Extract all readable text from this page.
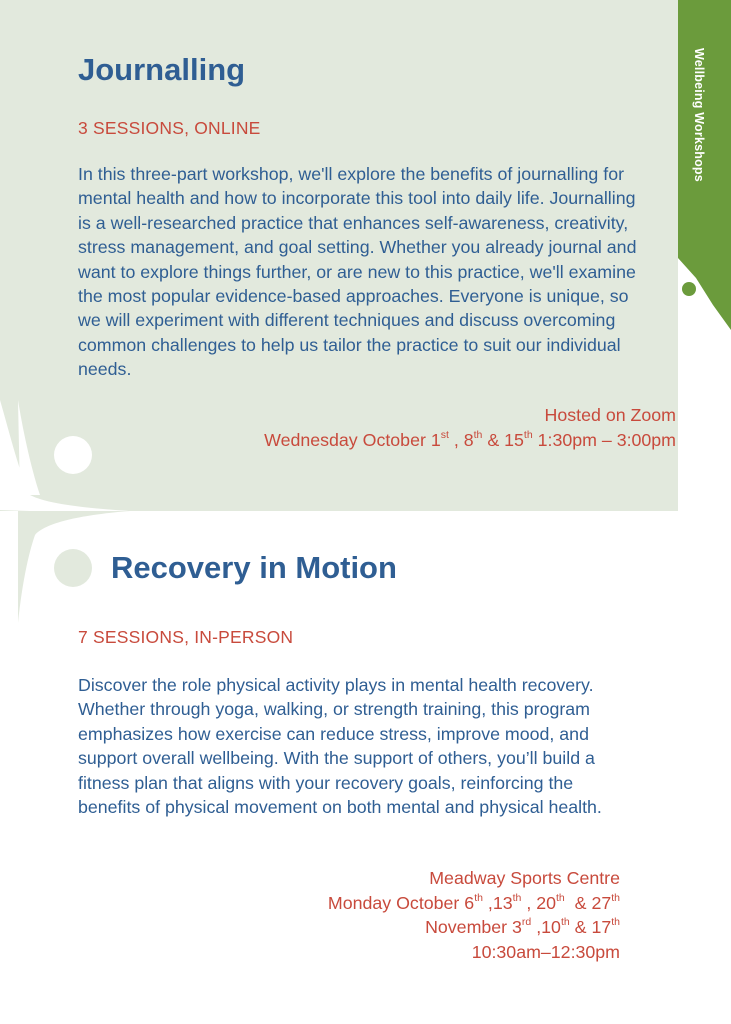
Wellbeing Workshops
Journalling

3 SESSIONS, ONLINE

In this three-part workshop, we'll explore the benefits of journalling for mental health and how to incorporate this tool into daily life. Journalling is a well-researched practice that enhances self-awareness, creativity, stress management, and goal setting. Whether you already journal and want to explore things further, or are new to this practice, we'll examine the most popular evidence-based approaches. Everyone is unique, so we will experiment with different techniques and discuss overcoming common challenges to help us tailor the practice to suit our individual needs.

Hosted on Zoom
Wednesday October 1st , 8th & 15th 1:30pm – 3:00pm
Recovery in Motion

7 SESSIONS, IN-PERSON

Discover the role physical activity plays in mental health recovery. Whether through yoga, walking, or strength training, this program emphasizes how exercise can reduce stress, improve mood, and support overall wellbeing. With the support of others, you’ll build a fitness plan that aligns with your recovery goals, reinforcing the benefits of physical movement on both mental and physical health.

Meadway Sports Centre
Monday October 6th ,13th , 20th  & 27th
November 3rd ,10th & 17th
10:30am–12:30pm
